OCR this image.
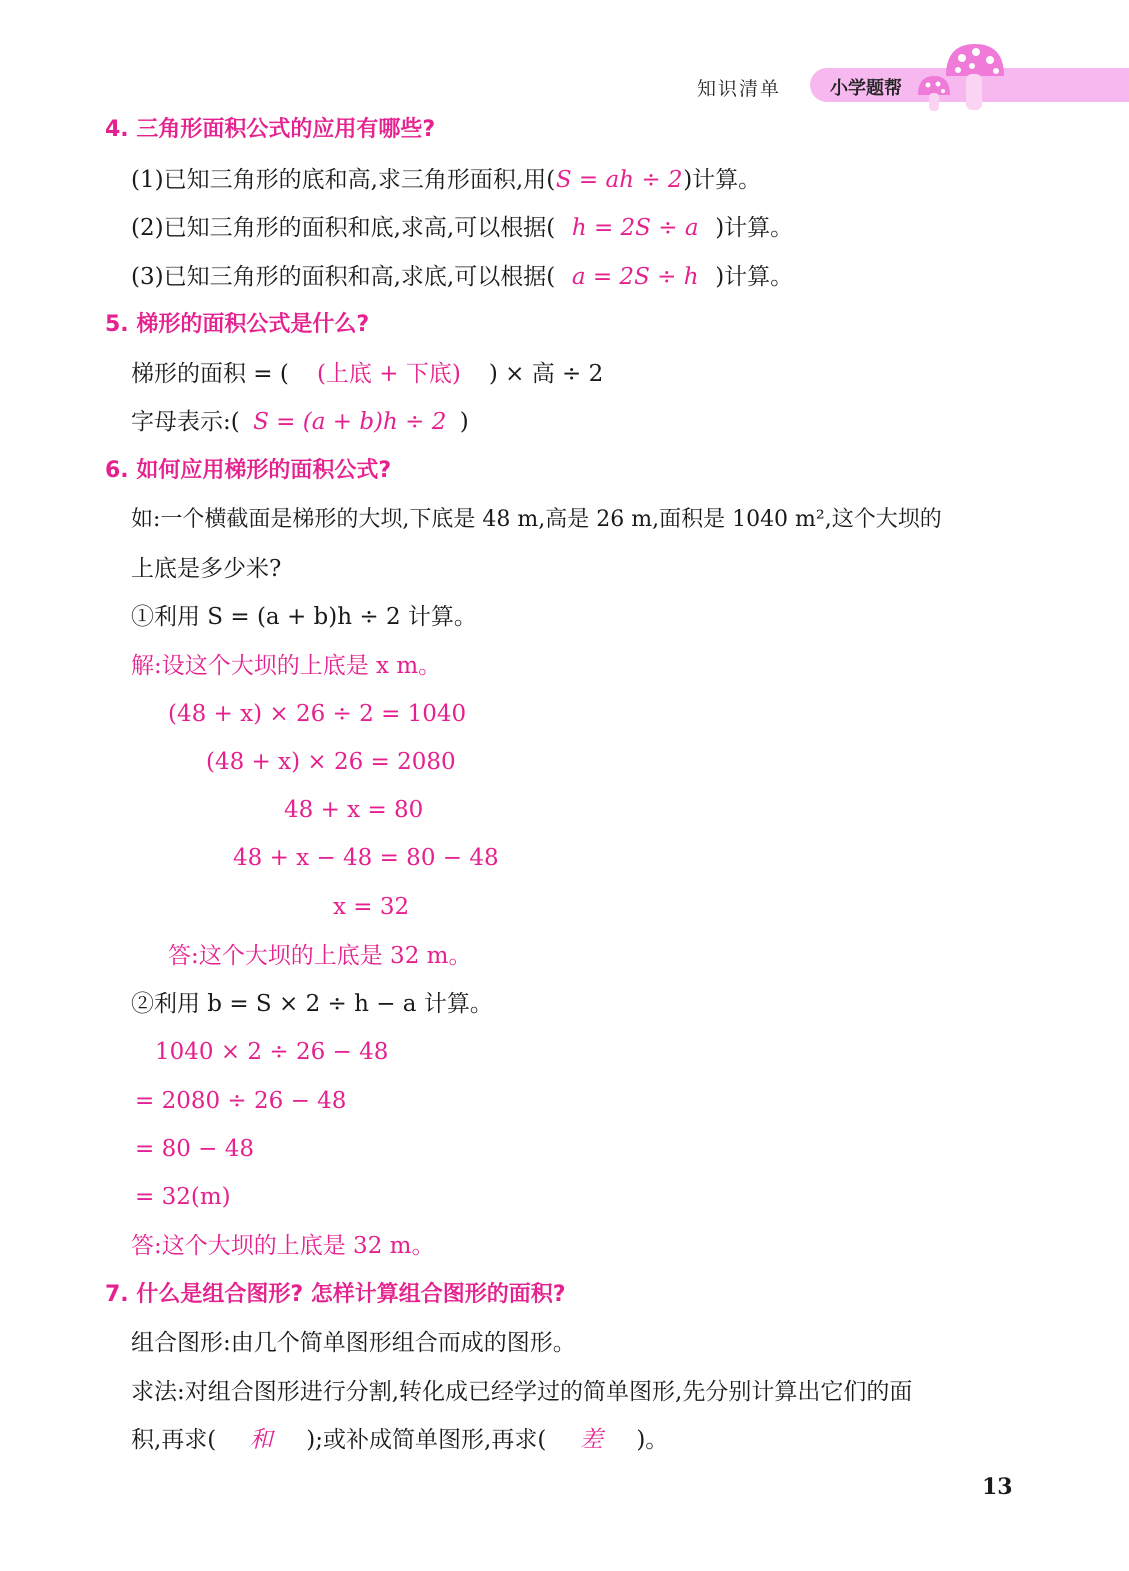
知识清单	小学题帮
4. 三角形面积公式的应用有哪些?
(1)已知三角形的底和高,求三角形面积,用(S = ah ÷ 2)计算。
(2)已知三角形的面积和底,求高,可以根据( h = 2S ÷ a )计算。
(3)已知三角形的面积和高,求底,可以根据( a = 2S ÷ h )计算。
5. 梯形的面积公式是什么?
梯形的面积 = ( (上底 + 下底) ) × 高 ÷ 2
字母表示:( S = (a + b)h ÷ 2 )
6. 如何应用梯形的面积公式?
如:一个横截面是梯形的大坝,下底是 48 m,高是 26 m,面积是 1040 m²,这个大坝的
上底是多少米?
①利用 S = (a + b)h ÷ 2 计算。
解:设这个大坝的上底是 x m。
(48 + x) × 26 ÷ 2 = 1040
(48 + x) × 26 = 2080
48 + x = 80
48 + x − 48 = 80 − 48
x = 32
答:这个大坝的上底是 32 m。
②利用 b = S × 2 ÷ h − a 计算。
1040 × 2 ÷ 26 − 48
= 2080 ÷ 26 − 48
= 80 − 48
= 32(m)
答:这个大坝的上底是 32 m。
7. 什么是组合图形? 怎样计算组合图形的面积?
组合图形:由几个简单图形组合而成的图形。
求法:对组合图形进行分割,转化成已经学过的简单图形,先分别计算出它们的面
积,再求( 和 );或补成简单图形,再求( 差 )。
13
